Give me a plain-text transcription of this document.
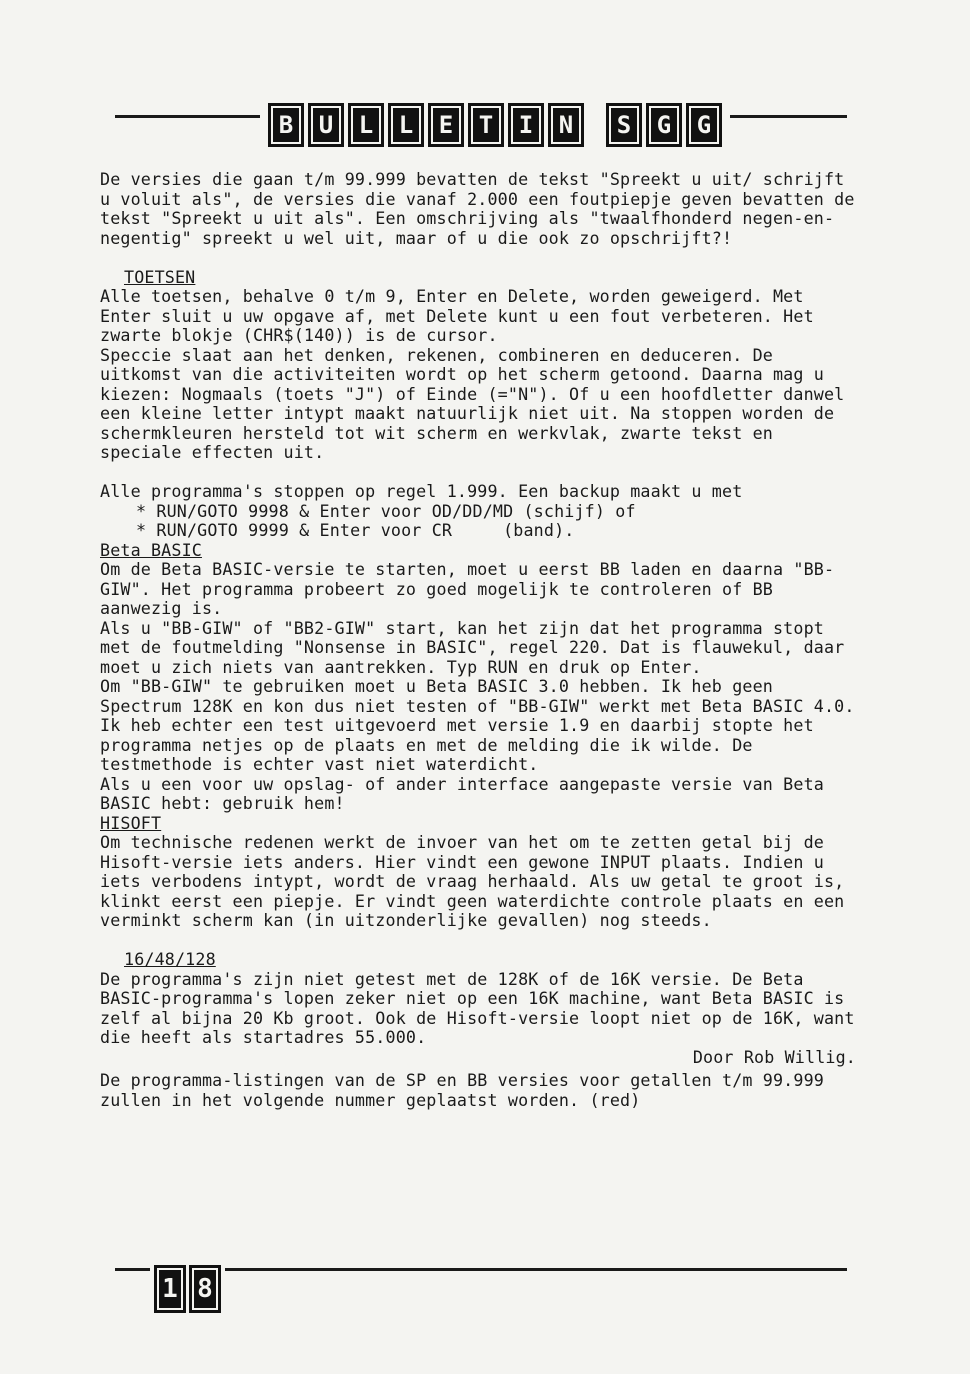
B	U	L	L	E	T	I	N	S	G	G

De versies die gaan t/m 99.999 bevatten de tekst "Spreekt u uit/ schrijft u voluit als", de versies die vanaf 2.000 een foutpiepje geven bevatten de tekst "Spreekt u uit als". Een omschrijving als "twaalfhonderd negen-en-negentig" spreekt u wel uit, maar of u die ook zo opschrijft?!

TOETSEN

Alle toetsen, behalve 0 t/m 9, Enter en Delete, worden geweigerd. Met Enter sluit u uw opgave af, met Delete kunt u een fout verbeteren. Het zwarte blokje (CHR$(140)) is de cursor.

Speccie slaat aan het denken, rekenen, combineren en deduceren. De uitkomst van die activiteiten wordt op het scherm getoond. Daarna mag u kiezen: Nogmaals (toets "J") of Einde (="N"). Of u een hoofdletter danwel een kleine letter intypt maakt natuurlijk niet uit. Na stoppen worden de schermkleuren hersteld tot wit scherm en werkvlak, zwarte tekst en speciale effecten uit.

Alle programma's stoppen op regel 1.999. Een backup maakt u met

* RUN/GOTO 9998 & Enter voor OD/DD/MD (schijf) of

* RUN/GOTO 9999 & Enter voor CR     (band).

Beta BASIC

Om de Beta BASIC-versie te starten, moet u eerst BB laden en daarna "BB-GIW". Het programma probeert zo goed mogelijk te controleren of BB aanwezig is.

Als u "BB-GIW" of "BB2-GIW" start, kan het zijn dat het programma stopt met de foutmelding "Nonsense in BASIC", regel 220. Dat is flauwekul, daar moet u zich niets van aantrekken. Typ RUN en druk op Enter.

Om "BB-GIW" te gebruiken moet u Beta BASIC 3.0 hebben. Ik heb geen Spectrum 128K en kon dus niet testen of "BB-GIW" werkt met Beta BASIC 4.0. Ik heb echter een test uitgevoerd met versie 1.9 en daarbij stopte het programma netjes op de plaats en met de melding die ik wilde. De testmethode is echter vast niet waterdicht.

Als u een voor uw opslag- of ander interface aangepaste versie van Beta BASIC hebt: gebruik hem!

HISOFT

Om technische redenen werkt de invoer van het om te zetten getal bij de Hisoft-versie iets anders. Hier vindt een gewone INPUT plaats. Indien u iets verbodens intypt, wordt de vraag herhaald. Als uw getal te groot is, klinkt eerst een piepje. Er vindt geen waterdichte controle plaats en een verminkt scherm kan (in uitzonderlijke gevallen) nog steeds.

16/48/128

De programma's zijn niet getest met de 128K of de 16K versie. De Beta BASIC-programma's lopen zeker niet op een 16K machine, want Beta BASIC is zelf al bijna 20 Kb groot. Ook de Hisoft-versie loopt niet op de 16K, want die heeft als startadres 55.000.

Door Rob Willig.

De programma-listingen van de SP en BB versies voor getallen t/m 99.999 zullen in het volgende nummer geplaatst worden. (red)

1 8
